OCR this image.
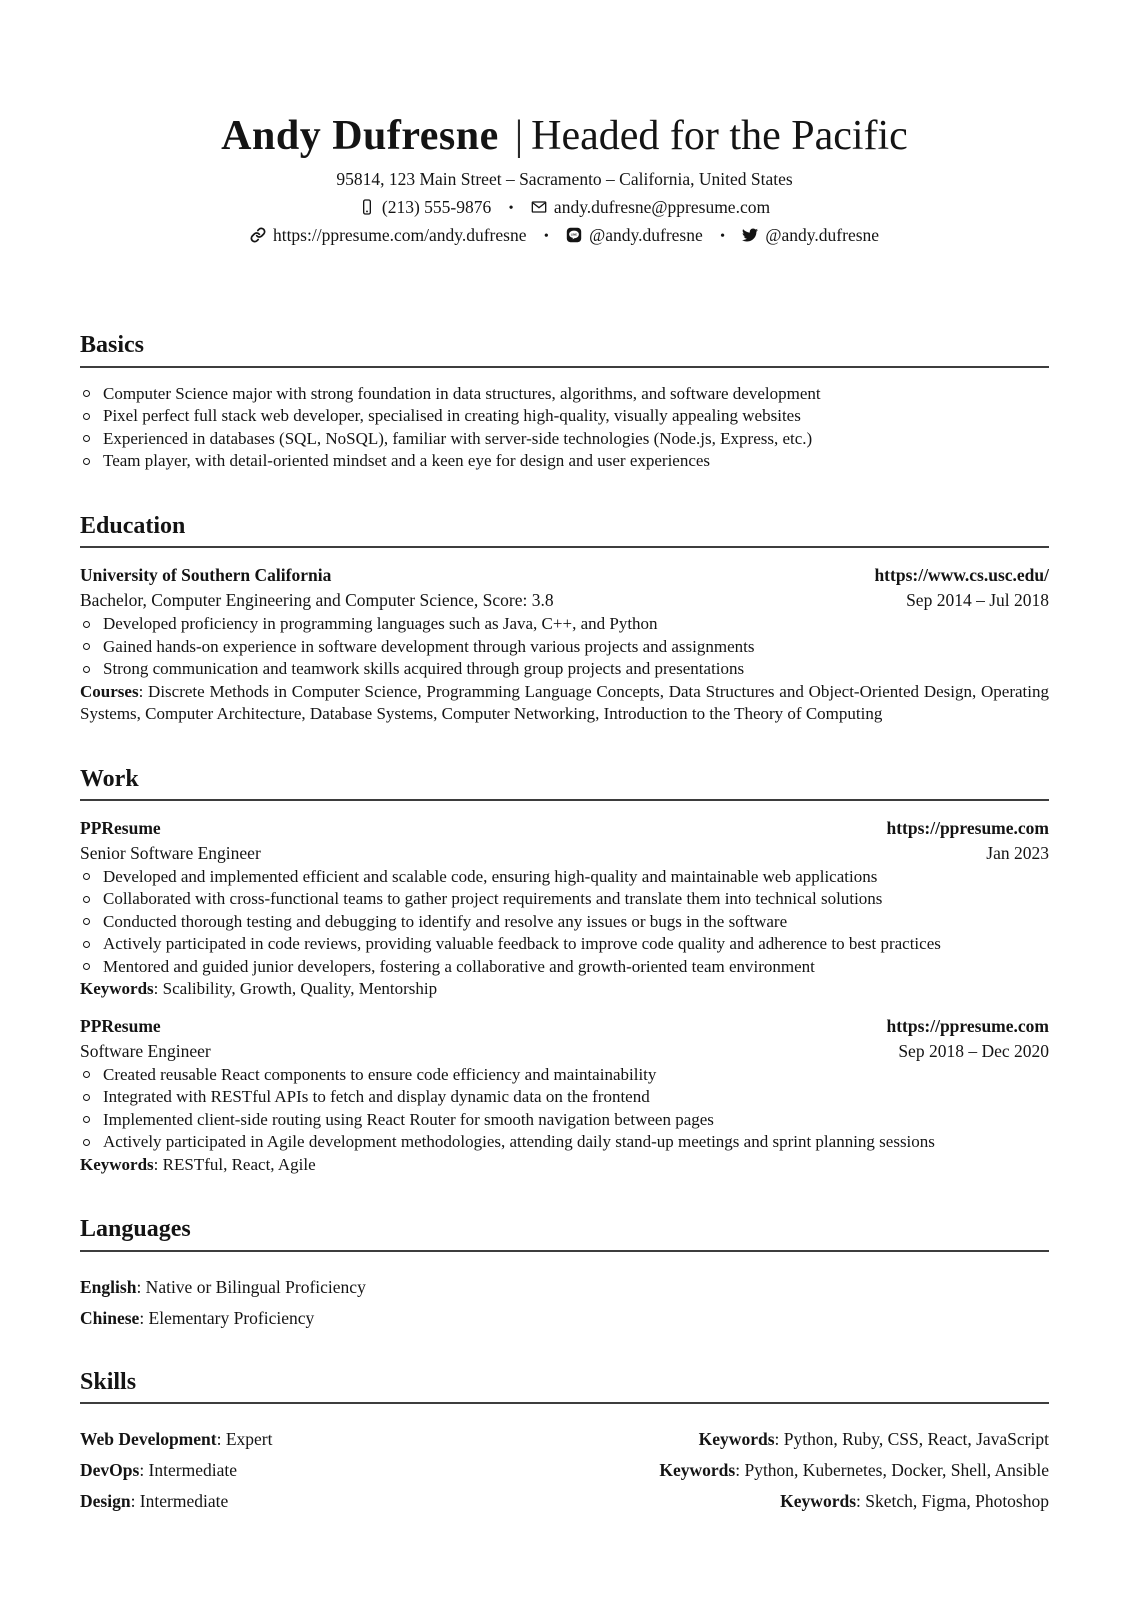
Andy Dufresne | Headed for the Pacific
95814, 123 Main Street – Sacramento – California, United States
(213) 555-9876 • andy.dufresne@ppresume.com
https://ppresume.com/andy.dufresne •	LINE @andy.dufresne • @andy.dufresne
Basics
Computer Science major with strong foundation in data structures, algorithms, and software development
Pixel perfect full stack web developer, specialised in creating high-quality, visually appealing websites
Experienced in databases (SQL, NoSQL), familiar with server-side technologies (Node.js, Express, etc.)
Team player, with detail-oriented mindset and a keen eye for design and user experiences
Education
University of Southern California	https://www.cs.usc.edu/
Bachelor, Computer Engineering and Computer Science, Score: 3.8	Sep 2014 – Jul 2018
Developed proficiency in programming languages such as Java, C++, and Python
Gained hands-on experience in software development through various projects and assignments
Strong communication and teamwork skills acquired through group projects and presentations
Courses: Discrete Methods in Computer Science, Programming Language Concepts, Data Structures and Object-Oriented Design, Operating Systems, Computer Architecture, Database Systems, Computer Networking, Introduction to the Theory of Computing
Work
PPResume	https://ppresume.com
Senior Software Engineer	Jan 2023
Developed and implemented efficient and scalable code, ensuring high-quality and maintainable web applications
Collaborated with cross-functional teams to gather project requirements and translate them into technical solutions
Conducted thorough testing and debugging to identify and resolve any issues or bugs in the software
Actively participated in code reviews, providing valuable feedback to improve code quality and adherence to best practices
Mentored and guided junior developers, fostering a collaborative and growth-oriented team environment
Keywords: Scalibility, Growth, Quality, Mentorship
PPResume	https://ppresume.com
Software Engineer	Sep 2018 – Dec 2020
Created reusable React components to ensure code efficiency and maintainability
Integrated with RESTful APIs to fetch and display dynamic data on the frontend
Implemented client-side routing using React Router for smooth navigation between pages
Actively participated in Agile development methodologies, attending daily stand-up meetings and sprint planning sessions
Keywords: RESTful, React, Agile
Languages
English: Native or Bilingual Proficiency
Chinese: Elementary Proficiency
Skills
Web Development: Expert	Keywords: Python, Ruby, CSS, React, JavaScript
DevOps: Intermediate	Keywords: Python, Kubernetes, Docker, Shell, Ansible
Design: Intermediate	Keywords: Sketch, Figma, Photoshop
